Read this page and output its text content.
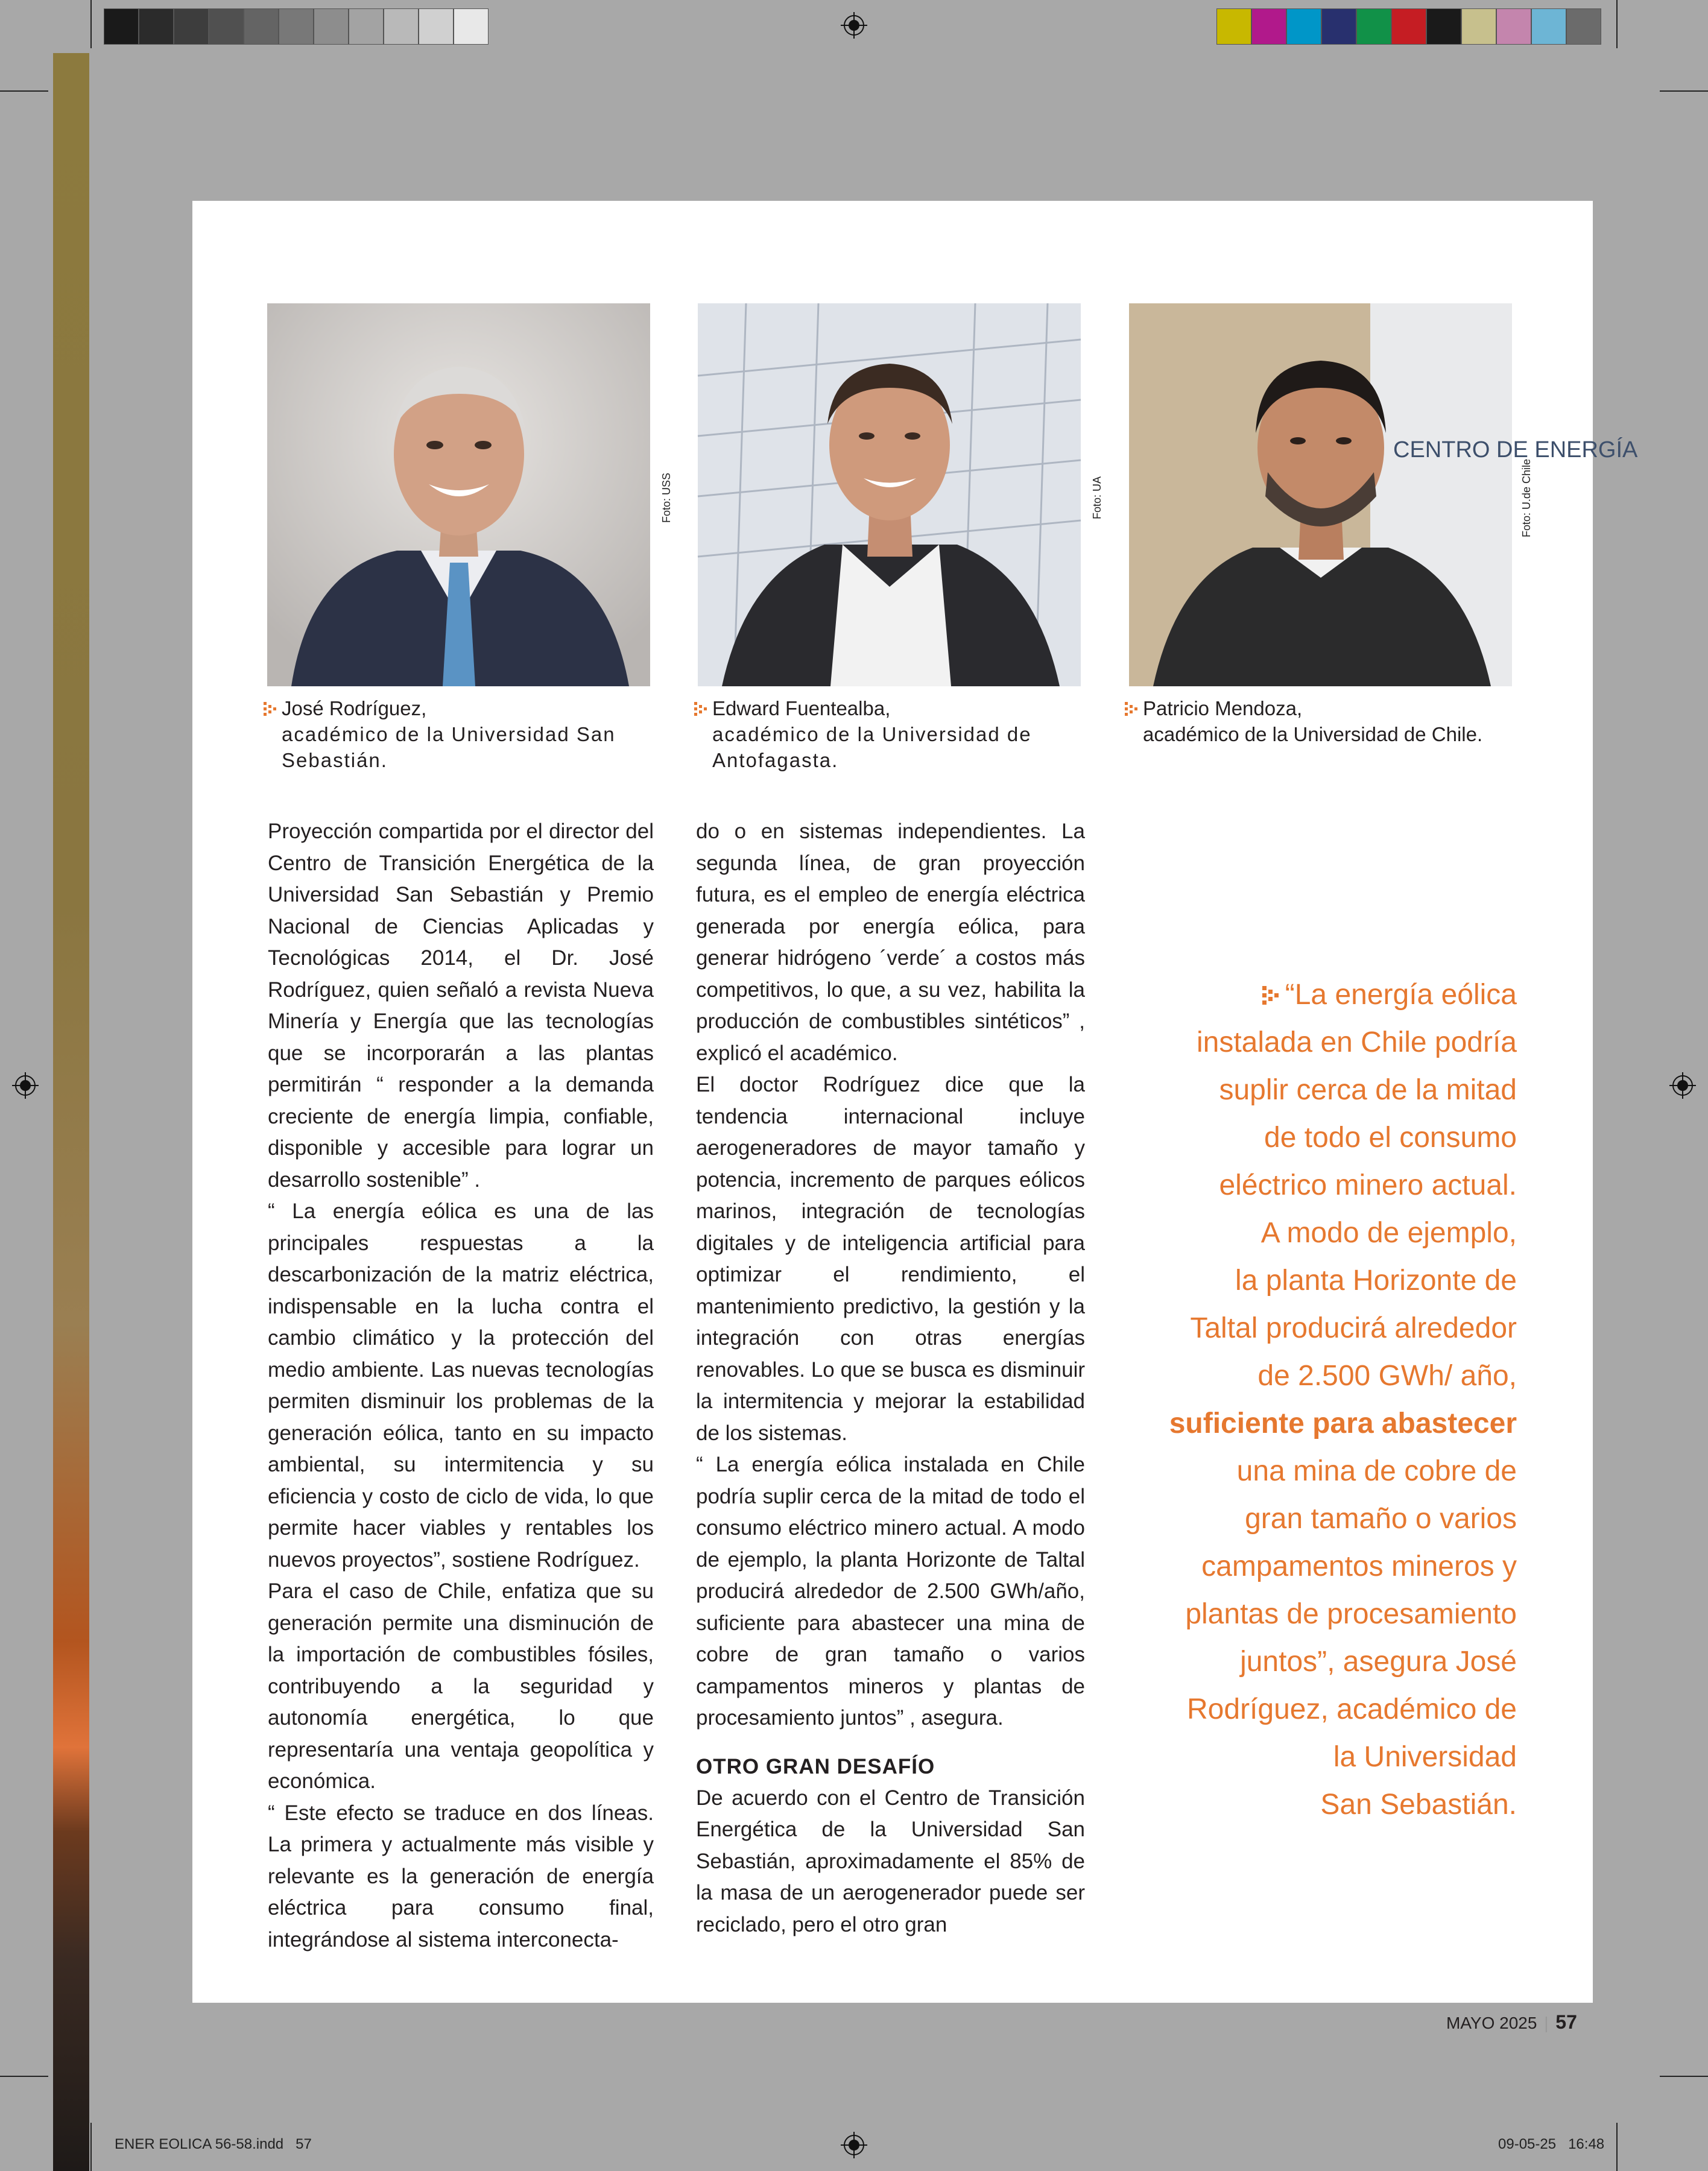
Foto: USS	Foto: UA
CENTRO DE ENERGÍA
Foto: U.de Chile
José Rodríguez,
académico de la Universidad San Sebastián.
Edward Fuentealba,
académico de la Universidad de Antofagasta.
Patricio Mendoza,
académico de la Universidad de Chile.

Proyección compartida por el director del Centro de Transición Energética de la Universidad San Sebastián y Premio Nacional de Ciencias Aplicadas y Tecnológicas 2014, el Dr. José Rodríguez, quien señaló a revista Nueva Minería y Energía que las tecnologías que se incorporarán a las plantas permitirán “ responder a la demanda creciente de energía limpia, confiable, disponible y accesible para lograr un desarrollo sostenible” .

“ La energía eólica es una de las principales respuestas a la descarbonización de la matriz eléctrica, indispensable en la lucha contra el cambio climático y la protección del medio ambiente. Las nuevas tecnologías permiten disminuir los problemas de la generación eólica, tanto en su impacto ambiental, su intermitencia y su eficiencia y costo de ciclo de vida, lo que permite hacer viables y rentables los nuevos proyectos”, sostiene Rodríguez.

Para el caso de Chile, enfatiza que su generación permite una disminución de la importación de combustibles fósiles, contribuyendo a la seguridad y autonomía energética, lo que representaría una ventaja geopolítica y económica.

“ Este efecto se traduce en dos líneas. La primera y actualmente más visible y relevante es la generación de energía eléctrica para consumo final, integrándose al sistema interconecta-

do o en sistemas independientes. La segunda línea, de gran proyección futura, es el empleo de energía eléctrica generada por energía eólica, para generar hidrógeno ´verde´ a costos más competitivos, lo que, a su vez, habilita la producción de combustibles sintéticos” , explicó el académico.

El doctor Rodríguez dice que la tendencia internacional incluye aerogeneradores de mayor tamaño y potencia, incremento de parques eólicos marinos, integración de tecnologías digitales y de inteligencia artificial para optimizar el rendimiento, el mantenimiento predictivo, la gestión y la integración con otras energías renovables. Lo que se busca es disminuir la intermitencia y mejorar la estabilidad de los sistemas.

“ La energía eólica instalada en Chile podría suplir cerca de la mitad de todo el consumo eléctrico minero actual. A modo de ejemplo, la planta Horizonte de Taltal producirá alrededor de 2.500 GWh/año, suficiente para abastecer una mina de cobre de gran tamaño o varios campamentos mineros y plantas de procesamiento juntos” , asegura.

OTRO GRAN DESAFÍO

De acuerdo con el Centro de Transición Energética de la Universidad San Sebastián, aproximadamente el 85% de la masa de un aerogenerador puede ser reciclado, pero el otro gran

“La energía eólica
instalada en Chile podría
suplir cerca de la mitad
de todo el consumo
eléctrico minero actual.
A modo de ejemplo,
la planta Horizonte de
Taltal producirá alrededor
de 2.500 GWh/ año,
suficiente para abastecer
una mina de cobre de
gran tamaño o varios
campamentos mineros y
plantas de procesamiento
juntos”, asegura José
Rodríguez, académico de
la Universidad
San Sebastián.
MAYO 2025 | 57
ENER EOLICA 56-58.indd   57	09-05-25   16:48
